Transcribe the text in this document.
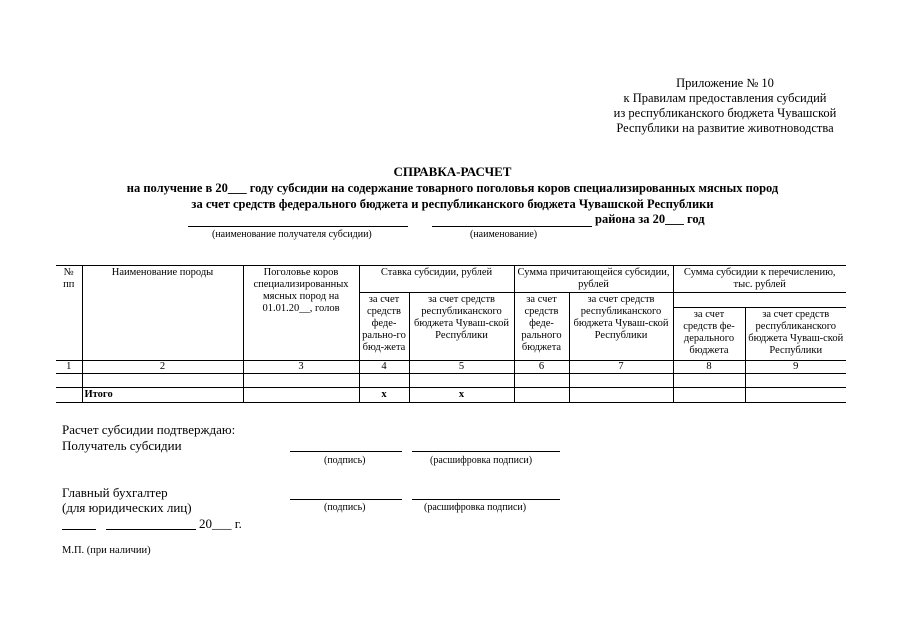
Приложение № 10
к Правилам предоставления субсидий
из республиканского бюджета Чувашской
Республики на развитие животноводства
СПРАВКА-РАСЧЕТ
на получение в 20___ году субсидии на содержание товарного поголовья коров специализированных мясных пород
за счет средств федерального бюджета и республиканского бюджета Чувашской Республики
района за 20___ год
(наименование получателя субсидии)	(наименование)
№ пп	Наименование породы	Поголовье коров специализированных мясных пород на 01.01.20__, голов	Ставка субсидии, рублей		Сумма причитающейся субсидии, рублей		Сумма субсидии к перечислению, тыс. рублей	
			за счет средств феде-рально-го бюд-жета	за счет средств республиканского бюджета Чуваш-ской Республики	за счет средств феде-рального бюджета	за счет средств республиканского бюджета Чуваш-ской Республики		
							за счет средств фе-дерального бюджета	за счет средств республиканского бюджета Чуваш-ской Республики
1	2	3	4	5	6	7	8	9

	Итого		х	х				
Расчет субсидии подтверждаю:
Получатель субсидии
(подпись)	(расшифровка подписи)
Главный бухгалтер
(для юридических лиц)	(подпись)	(расшифровка подписи)
20___ г.
М.П. (при наличии)
